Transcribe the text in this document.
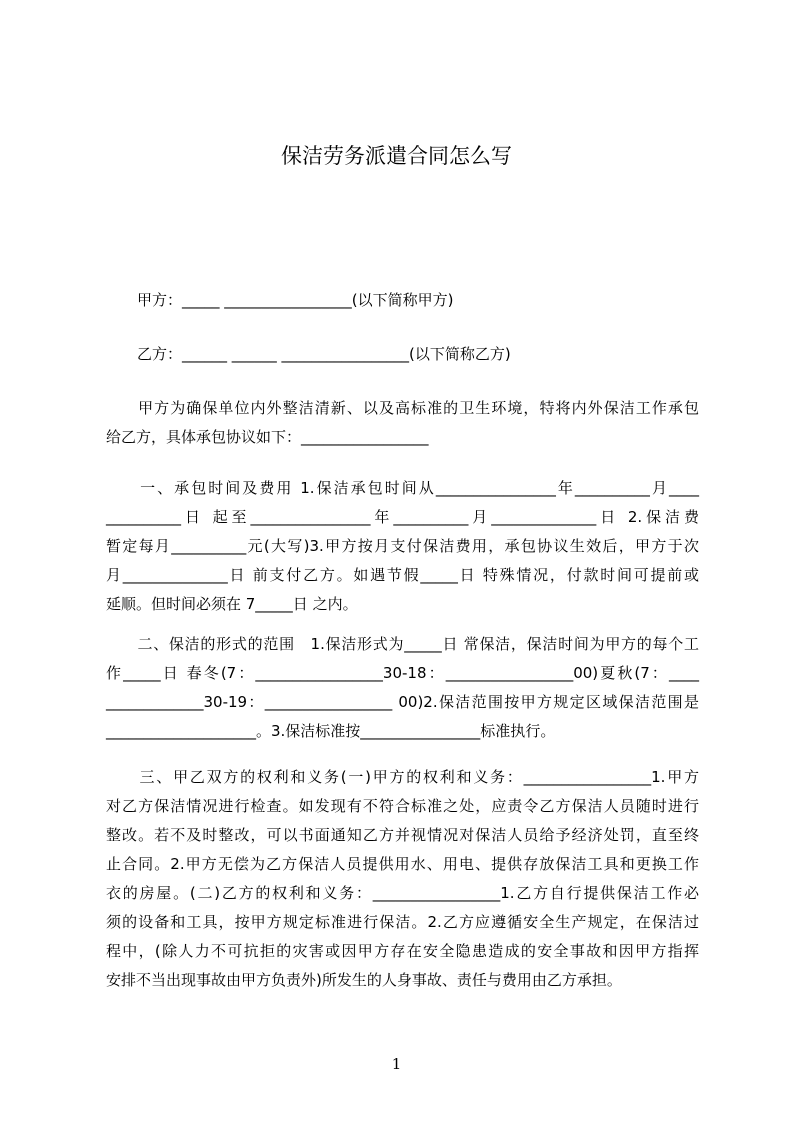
保洁劳务派遣合同怎么写
甲方：_____ _________________(以下简称甲方)
乙方：______ ______ _________________(以下简称乙方)
　　甲方为确保单位内外整洁清新、以及高标准的卫生环境，特将内外保洁工作承包
给乙方，具体承包协议如下：_________________
　　一、承包时间及费用 1.保洁承包时间从________________年__________月____
__________日 起至________________年__________月______________日 2.保洁费
暂定每月__________元(大写)3.甲方按月支付保洁费用，承包协议生效后，甲方于次
月______________日 前支付乙方。如遇节假_____日 特殊情况，付款时间可提前或
延顺。但时间必须在 7_____日 之内。
　　二、保洁的形式的范围　1.保洁形式为_____日 常保洁，保洁时间为甲方的每个工
作_____日 春冬(7：_________________30-18：_________________00)夏秋(7：____
_____________30-19：_________________ 00)2.保洁范围按甲方规定区域保洁范围是
____________________。3.保洁标准按________________标准执行。
　　三、甲乙双方的权利和义务(一)甲方的权利和义务：_________________1.甲方
对乙方保洁情况进行检查。如发现有不符合标准之处，应责令乙方保洁人员随时进行
整改。若不及时整改，可以书面通知乙方并视情况对保洁人员给予经济处罚，直至终
止合同。2.甲方无偿为乙方保洁人员提供用水、用电、提供存放保洁工具和更换工作
衣的房屋。(二)乙方的权利和义务：_________________1.乙方自行提供保洁工作必
须的设备和工具，按甲方规定标准进行保洁。2.乙方应遵循安全生产规定，在保洁过
程中，(除人力不可抗拒的灾害或因甲方存在安全隐患造成的安全事故和因甲方指挥
安排不当出现事故由甲方负责外)所发生的人身事故、责任与费用由乙方承担。
1
